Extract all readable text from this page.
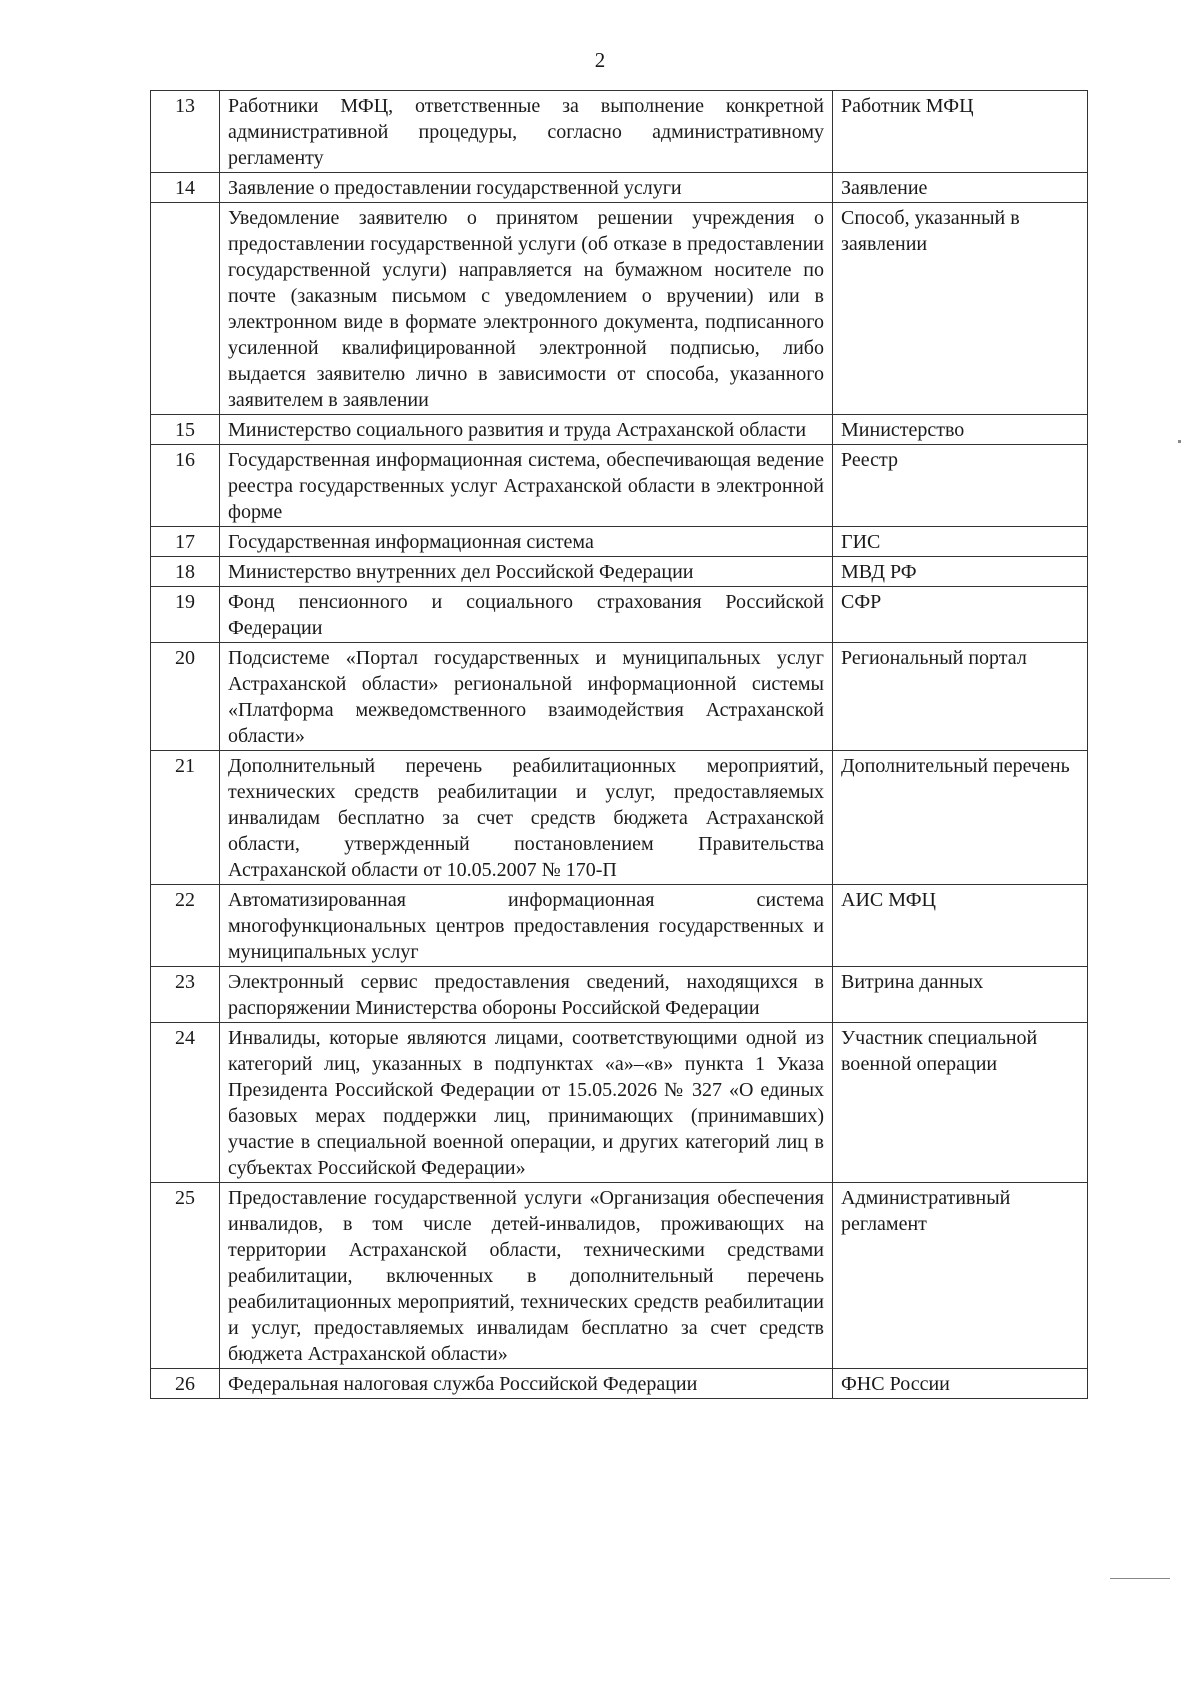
2
13	Работники МФЦ, ответственные за выполнение конкретной административной процедуры, согласно административному регламенту	Работник МФЦ
14	Заявление о предоставлении государственной услуги	Заявление
	Уведомление заявителю о принятом решении учреждения о предоставлении государственной услуги (об отказе в предоставлении государственной услуги) направляется на бумажном носителе по почте (заказным письмом с уведомлением о вручении) или в электронном виде в формате электронного документа, подписанного усиленной квалифицированной электронной подписью, либо выдается заявителю лично в зависимости от способа, указанного заявителем в заявлении	Способ, указанный в заявлении
15	Министерство социального развития и труда Астраханской области	Министерство
16	Государственная информационная система, обеспечивающая ведение реестра государственных услуг Астраханской области в электронной форме	Реестр
17	Государственная информационная система	ГИС
18	Министерство внутренних дел Российской Федерации	МВД РФ
19	Фонд пенсионного и социального страхования Российской Федерации	СФР
20	Подсистеме «Портал государственных и муниципальных услуг Астраханской области» региональной информационной системы «Платформа межведомственного взаимодействия Астраханской области»	Региональный портал
21	Дополнительный перечень реабилитационных мероприятий, технических средств реабилитации и услуг, предоставляемых инвалидам бесплатно за счет средств бюджета Астраханской области, утвержденный постановлением Правительства Астраханской области от 10.05.2007 № 170-П	Дополнительный перечень
22	Автоматизированная информационная система многофункциональных центров предоставления государственных и муниципальных услуг	АИС МФЦ
23	Электронный сервис предоставления сведений, находящихся в распоряжении Министерства обороны Российской Федерации	Витрина данных
24	Инвалиды, которые являются лицами, соответствующими одной из категорий лиц, указанных в подпунктах «а»–«в» пункта 1 Указа Президента Российской Федерации от 15.05.2026 № 327 «О единых базовых мерах поддержки лиц, принимающих (принимавших) участие в специальной военной операции, и других категорий лиц в субъектах Российской Федерации»	Участник специальной военной операции
25	Предоставление государственной услуги «Организация обеспечения инвалидов, в том числе детей-инвалидов, проживающих на территории Астраханской области, техническими средствами реабилитации, включенных в дополнительный перечень реабилитационных мероприятий, технических средств реабилитации и услуг, предоставляемых инвалидам бесплатно за счет средств бюджета Астраханской области»	Административный регламент
26	Федеральная налоговая служба Российской Федерации	ФНС России
